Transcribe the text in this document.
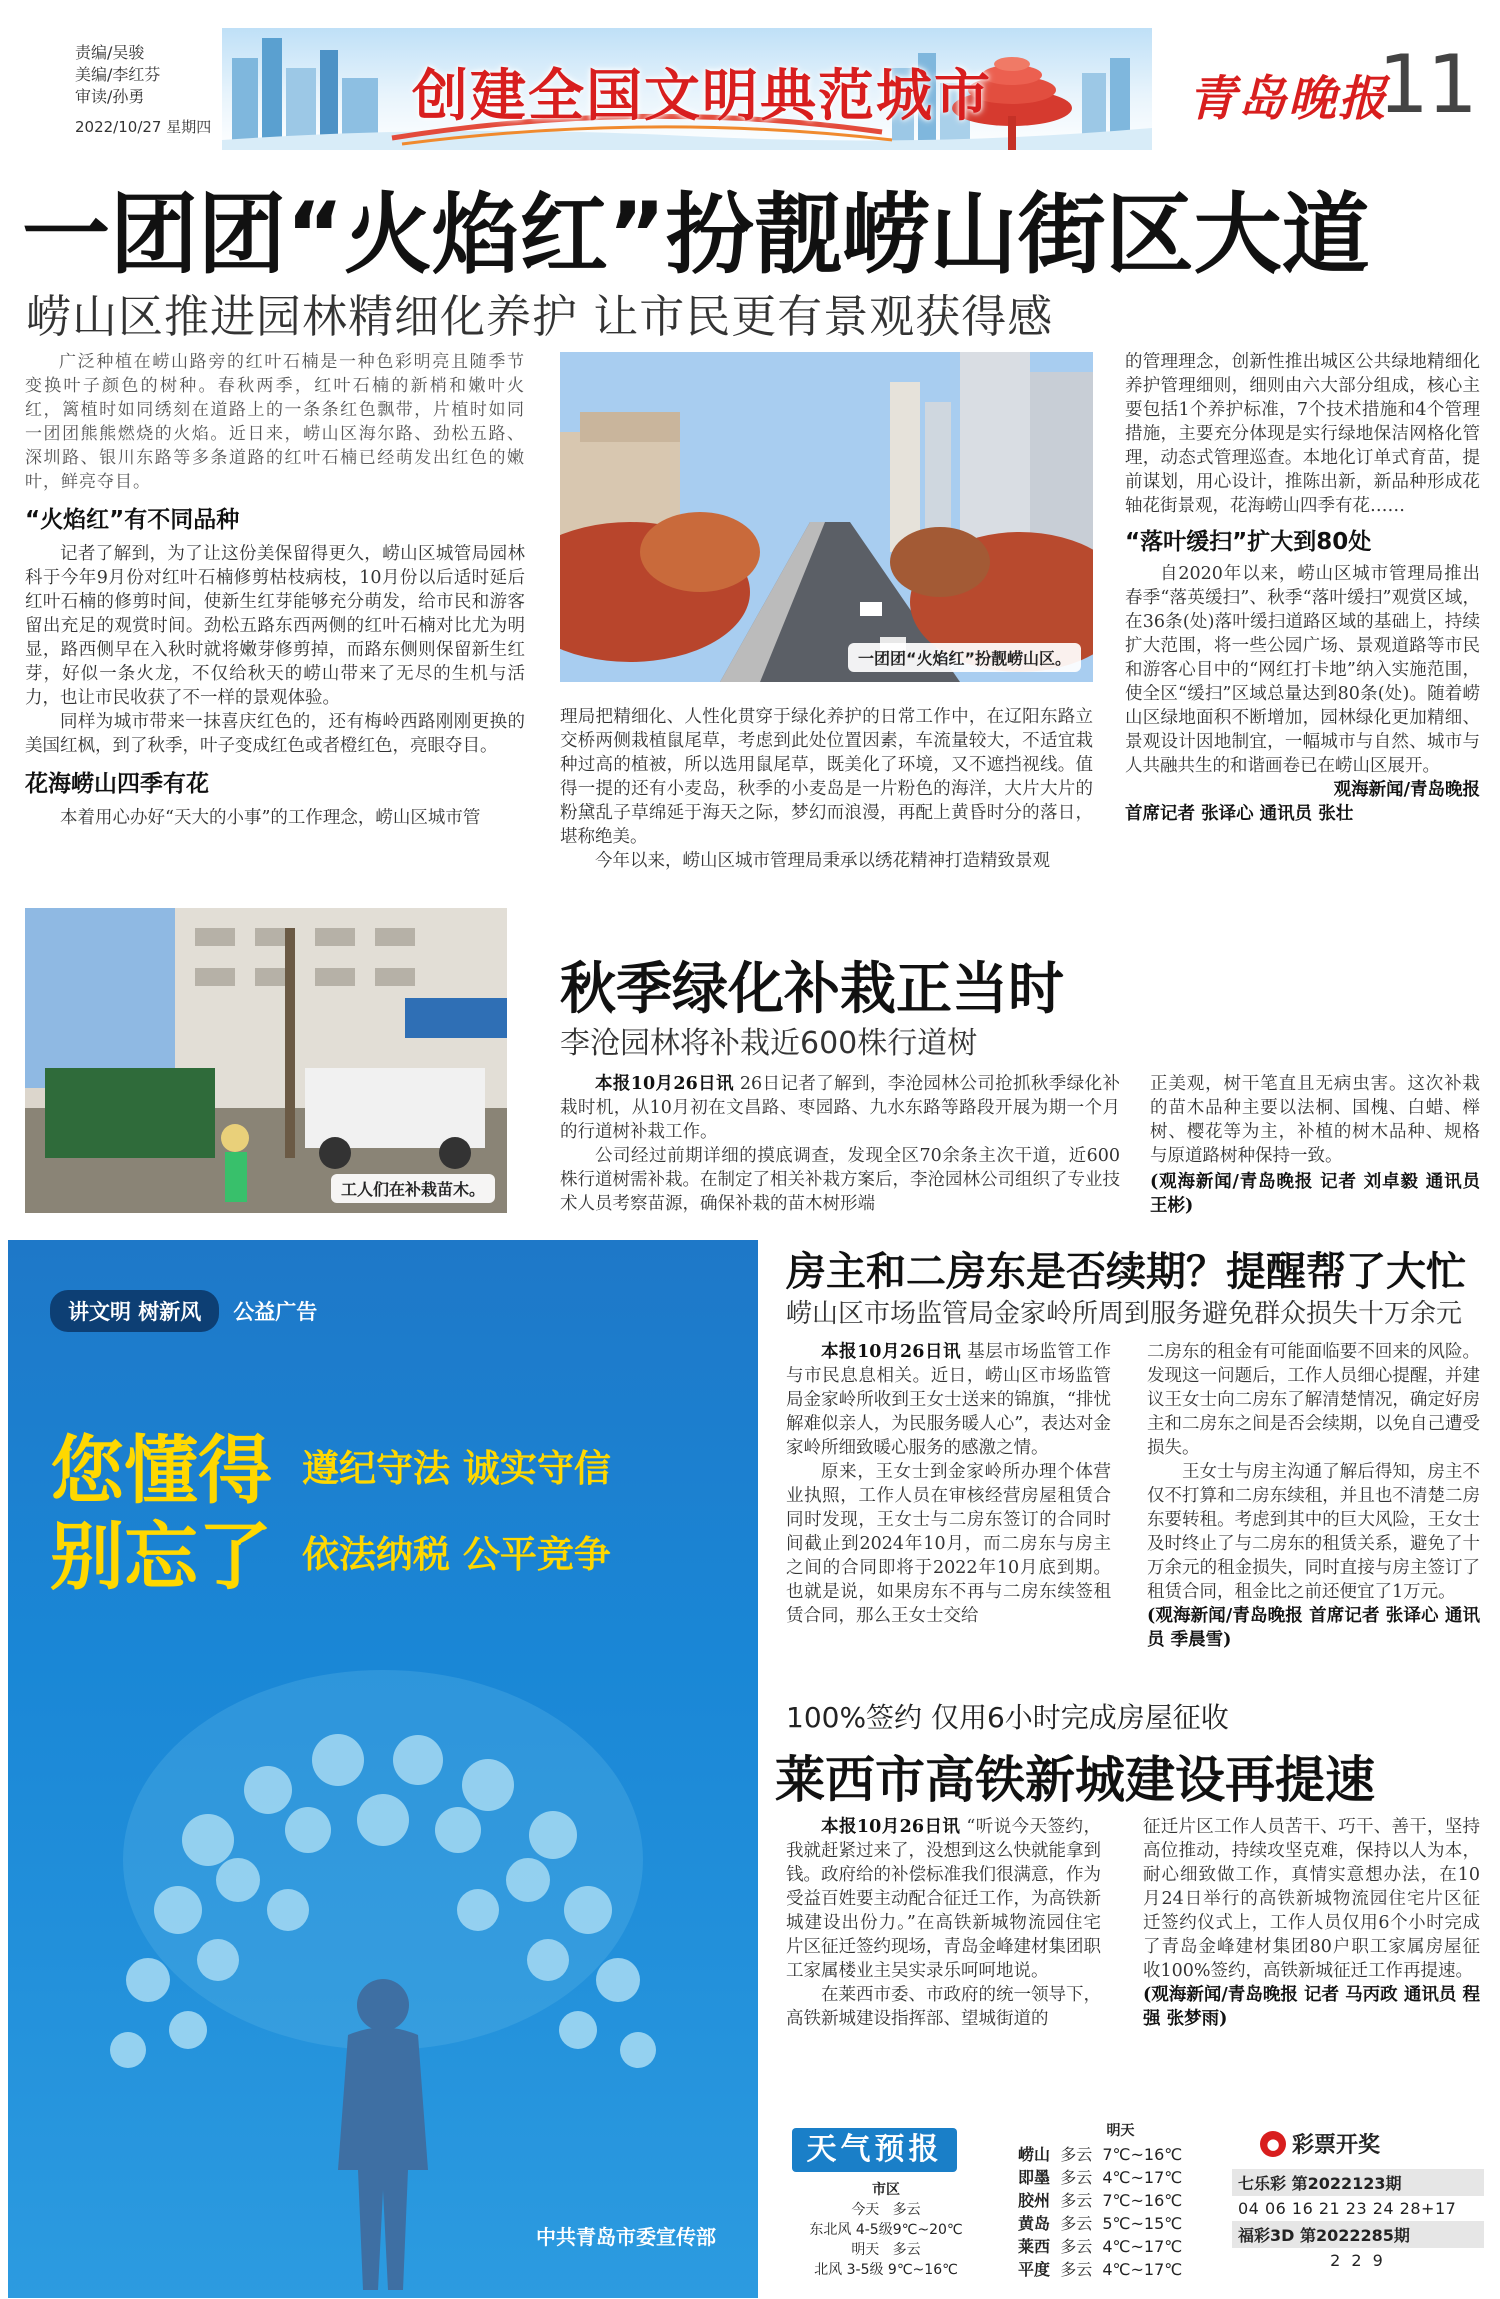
责编/吴骏
美编/李红芬
审读/孙勇
2022/10/27 星期四	创建全国文明典范城市	青岛晚报
11
一团团“火焰红”扮靓崂山街区大道
崂山区推进园林精细化养护 让市民更有景观获得感

广泛种植在崂山路旁的红叶石楠是一种色彩明亮且随季节变换叶子颜色的树种。春秋两季，红叶石楠的新梢和嫩叶火红，篱植时如同绣刻在道路上的一条条红色飘带，片植时如同一团团熊熊燃烧的火焰。近日来，崂山区海尔路、劲松五路、深圳路、银川东路等多条道路的红叶石楠已经萌发出红色的嫩叶，鲜亮夺目。

“火焰红”有不同品种

记者了解到，为了让这份美保留得更久，崂山区城管局园林科于今年9月份对红叶石楠修剪枯枝病枝，10月份以后适时延后红叶石楠的修剪时间，使新生红芽能够充分萌发，给市民和游客留出充足的观赏时间。劲松五路东西两侧的红叶石楠对比尤为明显，路西侧早在入秋时就将嫩芽修剪掉，而路东侧则保留新生红芽，好似一条火龙，不仅给秋天的崂山带来了无尽的生机与活力，也让市民收获了不一样的景观体验。

同样为城市带来一抹喜庆红色的，还有梅岭西路刚刚更换的美国红枫，到了秋季，叶子变成红色或者橙红色，亮眼夺目。

花海崂山四季有花

本着用心办好“天大的小事”的工作理念，崂山区城市管

一团团“火焰红”扮靓崂山区。

理局把精细化、人性化贯穿于绿化养护的日常工作中，在辽阳东路立交桥两侧栽植鼠尾草，考虑到此处位置因素，车流量较大，不适宜栽种过高的植被，所以选用鼠尾草，既美化了环境，又不遮挡视线。值得一提的还有小麦岛，秋季的小麦岛是一片粉色的海洋，大片大片的粉黛乱子草绵延于海天之际，梦幻而浪漫，再配上黄昏时分的落日，堪称绝美。

今年以来，崂山区城市管理局秉承以绣花精神打造精致景观

的管理理念，创新性推出城区公共绿地精细化养护管理细则，细则由六大部分组成，核心主要包括1个养护标准，7个技术措施和4个管理措施，主要充分体现是实行绿地保洁网格化管理，动态式管理巡查。本地化订单式育苗，提前谋划，用心设计，推陈出新，新品种形成花轴花街景观，花海崂山四季有花……

“落叶缓扫”扩大到80处

自2020年以来，崂山区城市管理局推出春季“落英缓扫”、秋季“落叶缓扫”观赏区域，在36条(处)落叶缓扫道路区域的基础上，持续扩大范围，将一些公园广场、景观道路等市民和游客心目中的“网红打卡地”纳入实施范围，使全区“缓扫”区域总量达到80条(处)。随着崂山区绿地面积不断增加，园林绿化更加精细、景观设计因地制宜，一幅城市与自然、城市与人共融共生的和谐画卷已在崂山区展开。

观海新闻/青岛晚报
首席记者 张译心 通讯员 张壮
工人们在补栽苗木。
秋季绿化补栽正当时
李沧园林将补栽近600株行道树

本报10月26日讯 26日记者了解到，李沧园林公司抢抓秋季绿化补栽时机，从10月初在文昌路、枣园路、九水东路等路段开展为期一个月的行道树补栽工作。

公司经过前期详细的摸底调查，发现全区70余条主次干道，近600株行道树需补栽。在制定了相关补栽方案后，李沧园林公司组织了专业技术人员考察苗源，确保补栽的苗木树形端

正美观，树干笔直且无病虫害。这次补栽的苗木品种主要以法桐、国槐、白蜡、榉树、樱花等为主，补植的树木品种、规格与原道路树种保持一致。

(观海新闻/青岛晚报 记者 刘卓毅 通讯员 王彬)
讲文明 树新风	公益广告
您懂得 遵纪守法 诚实守信
别忘了 依法纳税 公平竞争
中共青岛市委宣传部
房主和二房东是否续期？提醒帮了大忙
崂山区市场监管局金家岭所周到服务避免群众损失十万余元

本报10月26日讯 基层市场监管工作与市民息息相关。近日，崂山区市场监管局金家岭所收到王女士送来的锦旗，“排忧解难似亲人，为民服务暖人心”，表达对金家岭所细致暖心服务的感激之情。

原来，王女士到金家岭所办理个体营业执照，工作人员在审核经营房屋租赁合同时发现，王女士与二房东签订的合同时间截止到2024年10月，而二房东与房主之间的合同即将于2022年10月底到期。也就是说，如果房东不再与二房东续签租赁合同，那么王女士交给

二房东的租金有可能面临要不回来的风险。发现这一问题后，工作人员细心提醒，并建议王女士向二房东了解清楚情况，确定好房主和二房东之间是否会续期，以免自己遭受损失。

王女士与房主沟通了解后得知，房主不仅不打算和二房东续租，并且也不清楚二房东要转租。考虑到其中的巨大风险，王女士及时终止了与二房东的租赁关系，避免了十万余元的租金损失，同时直接与房主签订了租赁合同，租金比之前还便宜了1万元。

(观海新闻/青岛晚报 首席记者 张译心 通讯员 季晨雪)
100%签约 仅用6小时完成房屋征收
莱西市高铁新城建设再提速

本报10月26日讯 “听说今天签约，我就赶紧过来了，没想到这么快就能拿到钱。政府给的补偿标准我们很满意，作为受益百姓要主动配合征迁工作，为高铁新城建设出份力。”在高铁新城物流园住宅片区征迁签约现场，青岛金峰建材集团职工家属楼业主吴实录乐呵呵地说。

在莱西市委、市政府的统一领导下，高铁新城建设指挥部、望城街道的

征迁片区工作人员苦干、巧干、善干，坚持高位推动，持续攻坚克难，保持以人为本，耐心细致做工作，真情实意想办法，在10月24日举行的高铁新城物流园住宅片区征迁签约仪式上，工作人员仅用6个小时完成了青岛金峰建材集团80户职工家属房屋征收100%签约，高铁新城征迁工作再提速。

(观海新闻/青岛晚报 记者 马丙政 通讯员 程强 张梦雨)
天气预报
市区
今天 多云
东北风 4-5级9℃~20℃
明天 多云
北风 3-5级 9℃~16℃
明天
崂山 多云 7℃~16℃
即墨 多云 4℃~17℃
胶州 多云 7℃~16℃
黄岛 多云 5℃~15℃
莱西 多云 4℃~17℃
平度 多云 4℃~17℃
● 彩票开奖
七乐彩 第2022123期
04 06 16 21 23 24 28+17
福彩3D 第2022285期
2 2 9
